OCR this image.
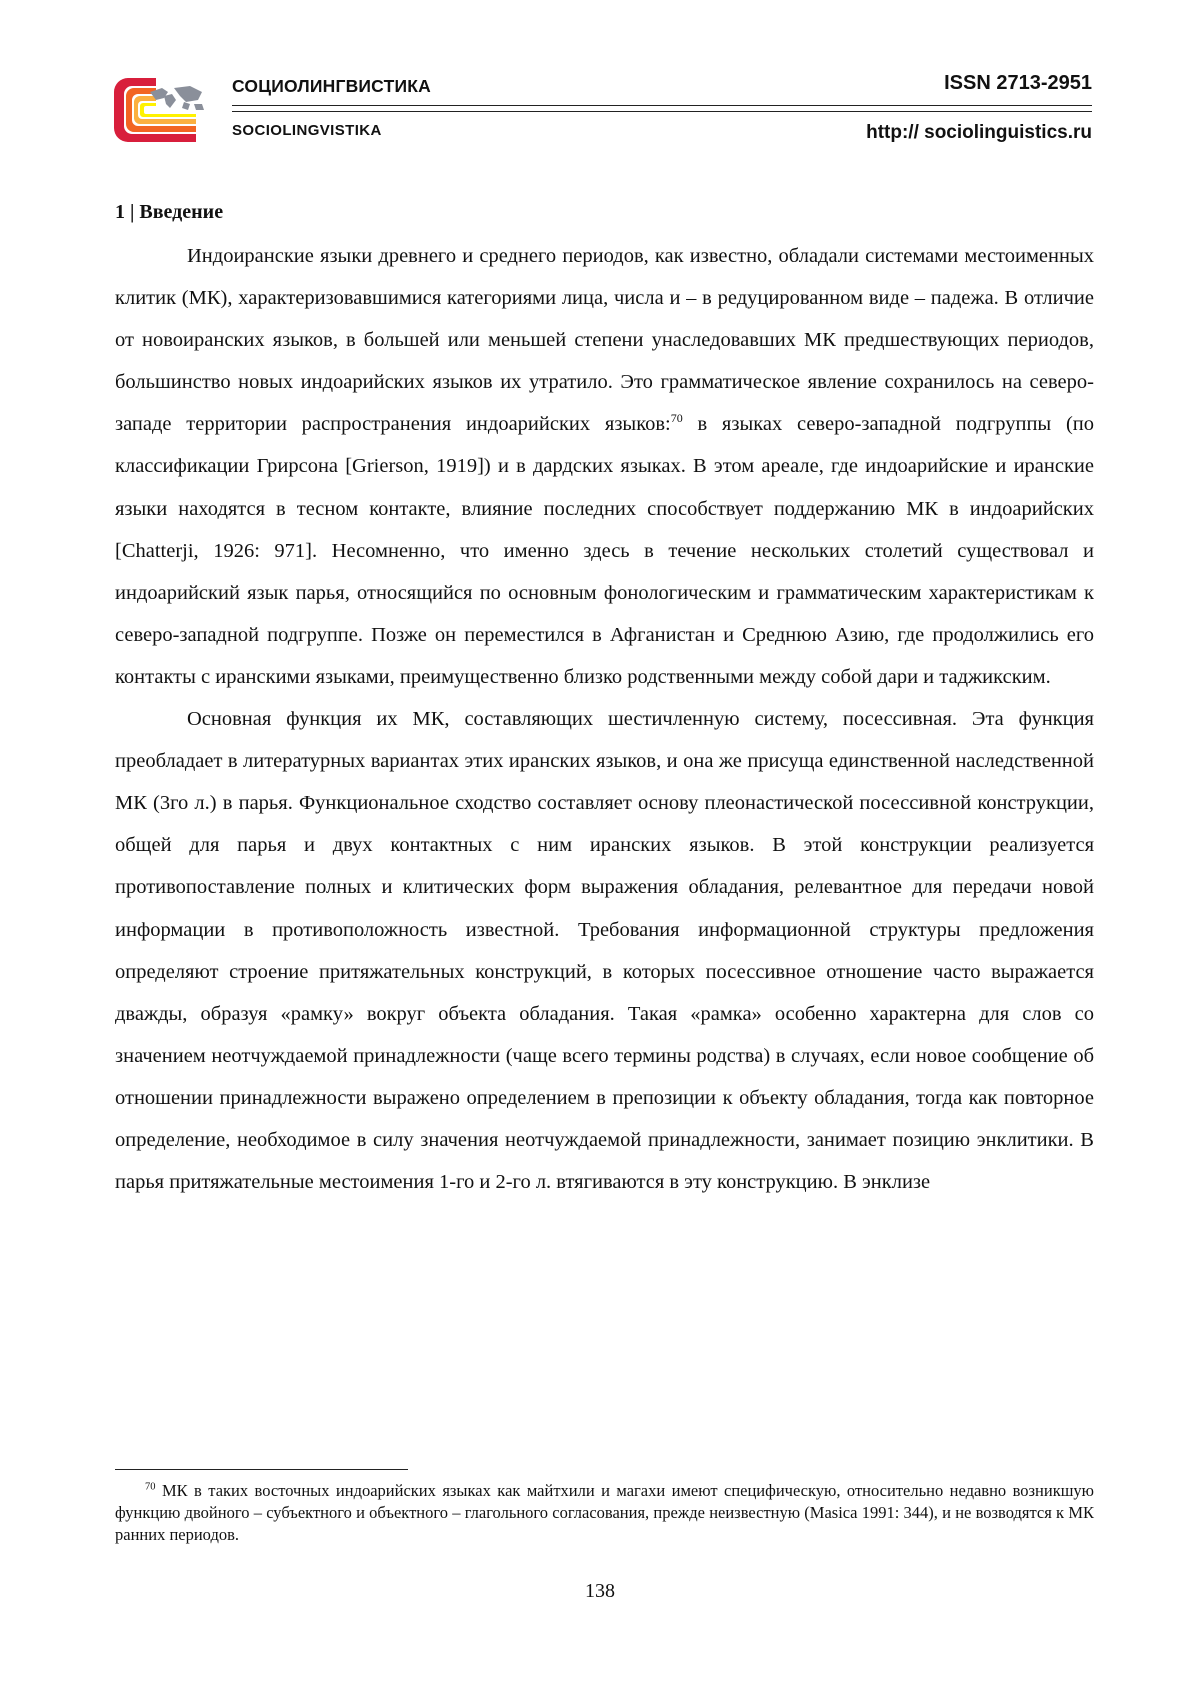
СОЦИОЛИНГВИСТИКА
SOCIOLINGVISTIKA
ISSN 2713-2951
http:// sociolinguistics.ru
1 | Введение

Индоиранские языки древнего и среднего периодов, как известно, обладали системами местоименных клитик (МК), характеризовавшимися категориями лица, числа и – в редуцированном виде – падежа. В отличие от новоиранских языков, в большей или меньшей степени унаследовавших МК предшествующих периодов, большинство новых индоарийских языков их утратило. Это грамматическое явление сохранилось на северо-западе территории распространения индоарийских языков:$^{70}$ в языках северо-западной подгруппы (по классификации Грирсона [Grierson, 1919]) и в дардских языках. В этом ареале, где индоарийские и иранские языки находятся в тесном контакте, влияние последних способствует поддержанию МК в индоарийских [Chatterji, 1926: 971]. Несомненно, что именно здесь в течение нескольких столетий существовал и индоарийский язык парья, относящийся по основным фонологическим и грамматическим характеристикам к северо-западной подгруппе. Позже он переместился в Афганистан и Среднюю Азию, где продолжились его контакты с иранскими языками, преимущественно близко родственными между собой дари и таджикским.

Основная функция их МК, составляющих шестичленную систему, посессивная. Эта функция преобладает в литературных вариантах этих иранских языков, и она же присуща единственной наследственной МК (3го л.) в парья. Функциональное сходство составляет основу плеонастической посессивной конструкции, общей для парья и двух контактных с ним иранских языков. В этой конструкции реализуется противопоставление полных и клитических форм выражения обладания, релевантное для передачи новой информации в противоположность известной. Требования информационной структуры предложения определяют строение притяжательных конструкций, в которых посессивное отношение часто выражается дважды, образуя «рамку» вокруг объекта обладания. Такая «рамка» особенно характерна для слов со значением неотчуждаемой принадлежности (чаще всего термины родства) в случаях, если новое сообщение об отношении принадлежности выражено определением в препозиции к объекту обладания, тогда как повторное определение, необходимое в силу значения неотчуждаемой принадлежности, занимает позицию энклитики. В парья притяжательные местоимения 1-го и 2-го л. втягиваются в эту конструкцию. В энклизе

$^{70}$ МК в таких восточных индоарийских языках как майтхили и магахи имеют специфическую, относительно недавно возникшую функцию двойного – субъектного и объектного – глагольного согласования, прежде неизвестную (Masica 1991: 344), и не возводятся к МК ранних периодов.
138
